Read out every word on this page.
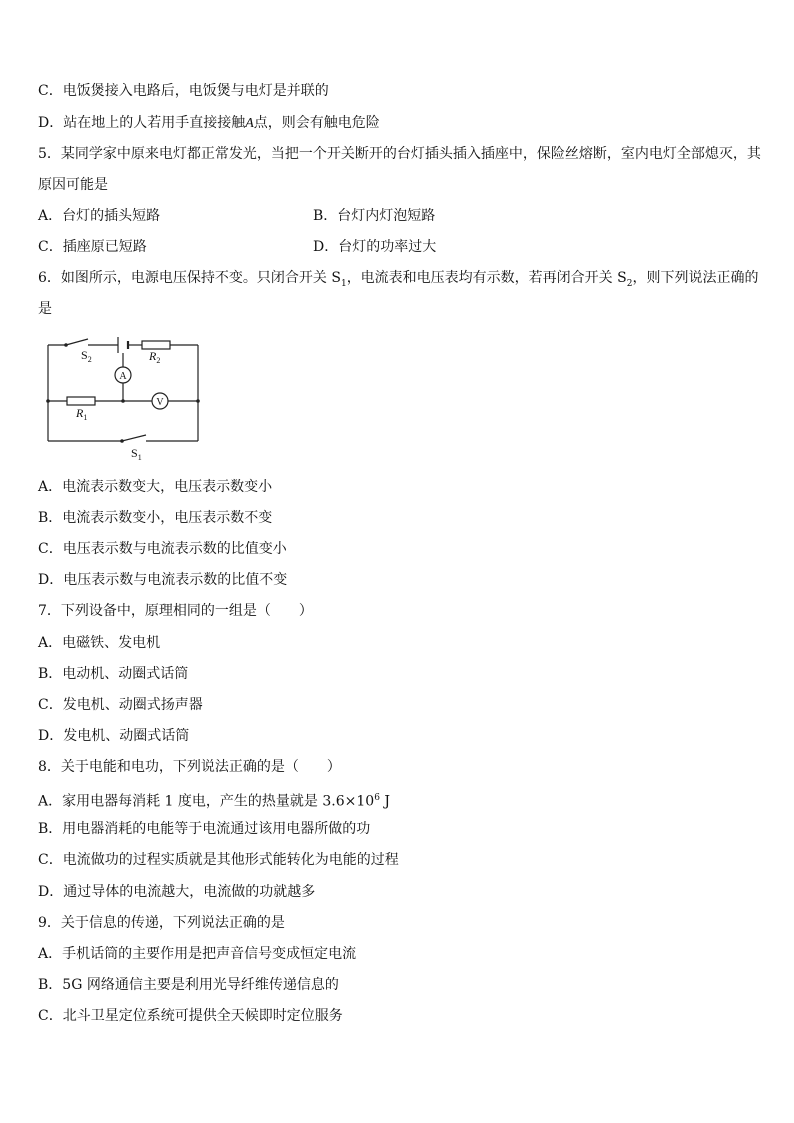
C．电饭煲接入电路后，电饭煲与电灯是并联的
D．站在地上的人若用手直接接触A点，则会有触电危险
5．某同学家中原来电灯都正常发光，当把一个开关断开的台灯插头插入插座中，保险丝熔断，室内电灯全部熄灭，其
原因可能是
A．台灯的插头短路	B．台灯内灯泡短路
C．插座原已短路	D．台灯的功率过大
6．如图所示，电源电压保持不变。只闭合开关 $S_1$，电流表和电压表均有示数，若再闭合开关 $S_2$，则下列说法正确的
是
$S_2$	$R_2$
$R_1$
$S_1$
A
V
A．电流表示数变大，电压表示数变小
B．电流表示数变小，电压表示数不变
C．电压表示数与电流表示数的比值变小
D．电压表示数与电流表示数的比值不变
7．下列设备中，原理相同的一组是（　　）
A．电磁铁、发电机
B．电动机、动圈式话筒
C．发电机、动圈式扬声器
D．发电机、动圈式话筒
8．关于电能和电功，下列说法正确的是（　　）
A．家用电器每消耗 1 度电，产生的热量就是 $3.6\times 10^6$ J
B．用电器消耗的电能等于电流通过该用电器所做的功
C．电流做功的过程实质就是其他形式能转化为电能的过程
D．通过导体的电流越大，电流做的功就越多
9．关于信息的传递，下列说法正确的是
A．手机话筒的主要作用是把声音信号变成恒定电流
B．5G 网络通信主要是利用光导纤维传递信息的
C．北斗卫星定位系统可提供全天候即时定位服务
